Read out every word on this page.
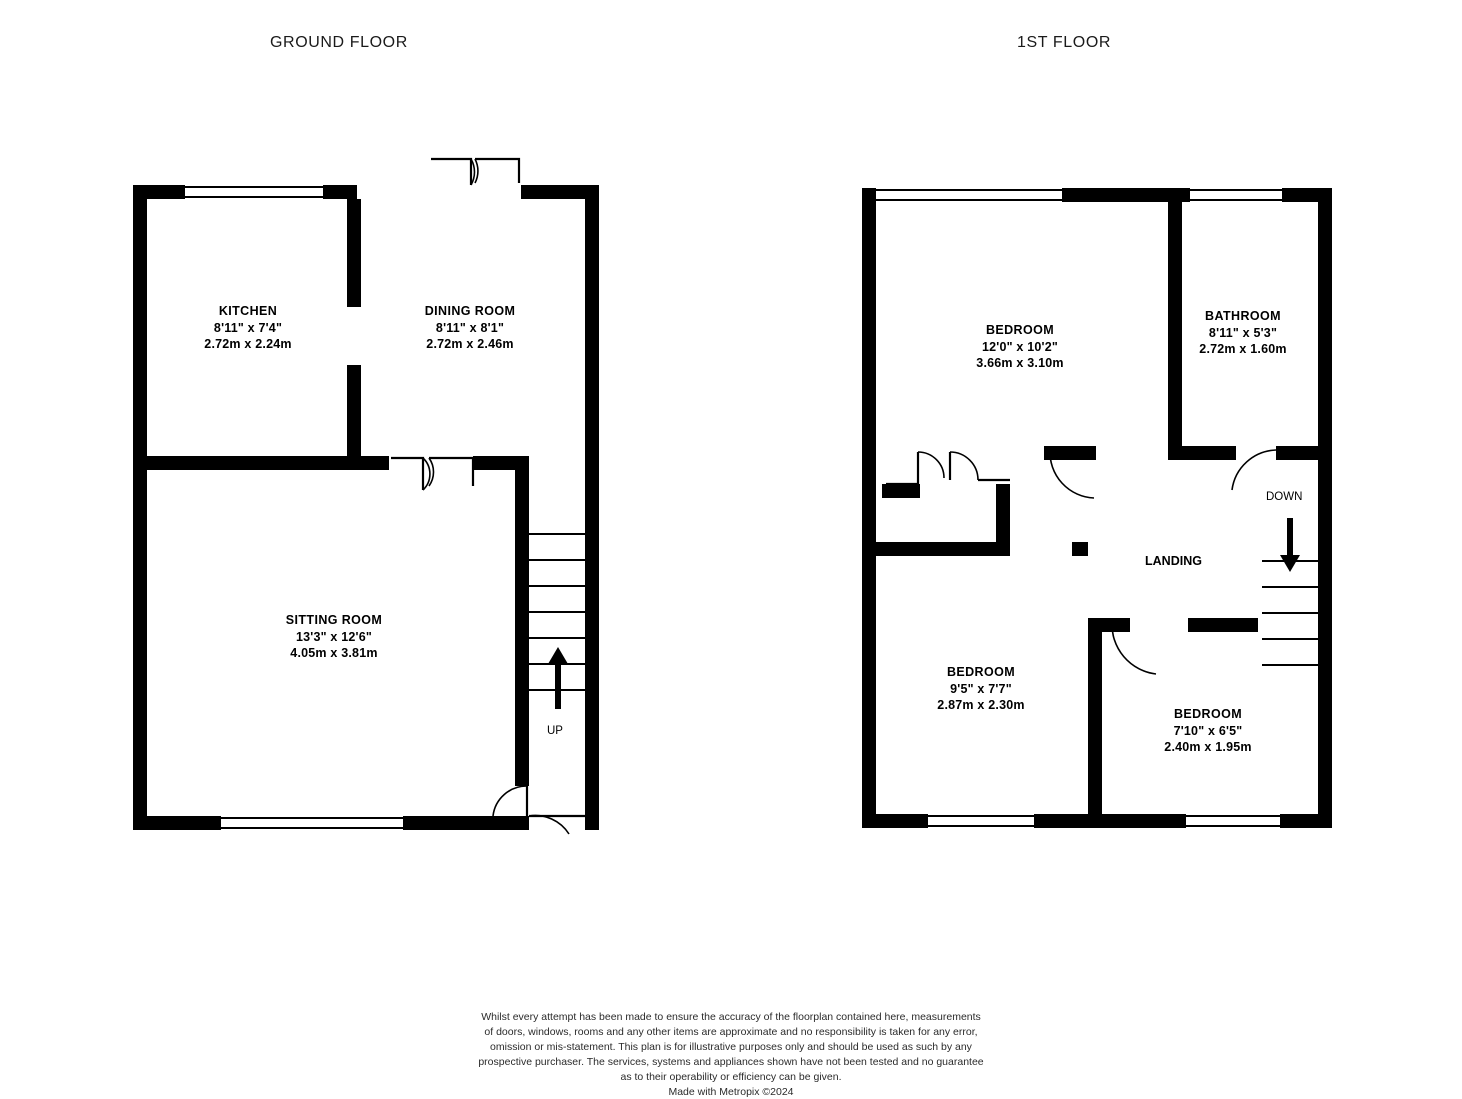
GROUND FLOOR	1ST FLOOR
UP
KITCHEN
8'11" x 7'4"
2.72m x 2.24m
DINING ROOM
8'11" x 8'1"
2.72m x 2.46m
SITTING ROOM
13'3" x 12'6"
4.05m x 3.81m
DOWN
LANDING
BEDROOM
12'0" x 10'2"
3.66m x 3.10m
BATHROOM
8'11" x 5'3"
2.72m x 1.60m
BEDROOM
9'5" x 7'7"
2.87m x 2.30m
BEDROOM
7'10" x 6'5"
2.40m x 1.95m
Whilst every attempt has been made to ensure the accuracy of the floorplan contained here, measurements
of doors, windows, rooms and any other items are approximate and no responsibility is taken for any error,
omission or mis-statement. This plan is for illustrative purposes only and should be used as such by any
prospective purchaser. The services, systems and appliances shown have not been tested and no guarantee
as to their operability or efficiency can be given.
Made with Metropix ©2024
